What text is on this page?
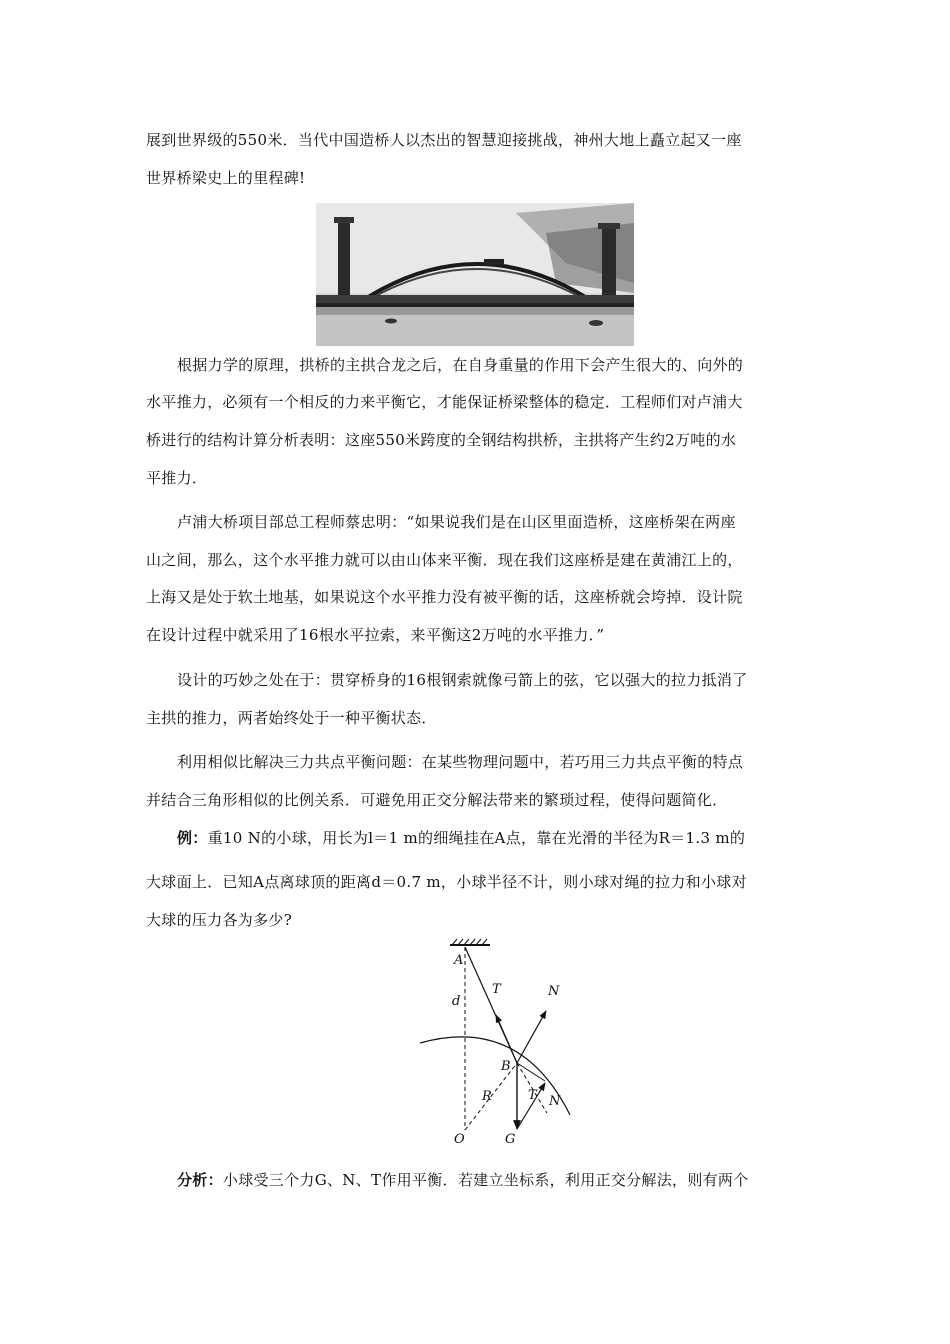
展到世界级的550米．当代中国造桥人以杰出的智慧迎接挑战，神州大地上矗立起又一座
世界桥梁史上的里程碑!
根据力学的原理，拱桥的主拱合龙之后，在自身重量的作用下会产生很大的、向外的
水平推力，必须有一个相反的力来平衡它，才能保证桥梁整体的稳定．工程师们对卢浦大
桥进行的结构计算分析表明：这座550米跨度的全钢结构拱桥，主拱将产生约2万吨的水
平推力．
卢浦大桥项目部总工程师蔡忠明：“如果说我们是在山区里面造桥，这座桥架在两座
山之间，那么，这个水平推力就可以由山体来平衡．现在我们这座桥是建在黄浦江上的，
上海又是处于软土地基，如果说这个水平推力没有被平衡的话，这座桥就会垮掉．设计院
在设计过程中就采用了16根水平拉索，来平衡这2万吨的水平推力．”
设计的巧妙之处在于：贯穿桥身的16根钢索就像弓箭上的弦，它以强大的拉力抵消了
主拱的推力，两者始终处于一种平衡状态．
利用相似比解决三力共点平衡问题：在某些物理问题中，若巧用三力共点平衡的特点
并结合三角形相似的比例关系．可避免用正交分解法带来的繁琐过程，使得问题简化．
例：重10 N的小球，用长为l＝1 m的细绳挂在A点，靠在光滑的半径为R＝1.3 m的
大球面上．已知A点离球顶的距离d＝0.7 m，小球半径不计，则小球对绳的拉力和小球对
大球的压力各为多少?
A
d
T	N
B
R	T N
O	G
分析：小球受三个力G、N、T作用平衡．若建立坐标系，利用正交分解法，则有两个
